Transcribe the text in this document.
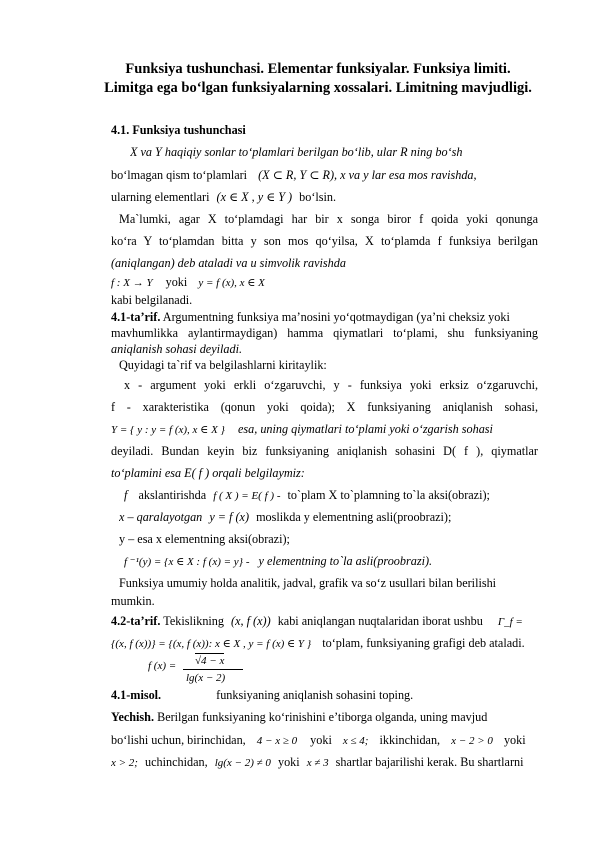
Funksiya tushunchasi. Elementar funksiyalar. Funksiya limiti. Limitga ega bo‘lgan funksiyalarning xossalari. Limitning mavjudligi.
4.1. Funksiya tushunchasi
X va Y haqiqiy sonlar to‘plamlari berilgan bo‘lib, ular R ning bo‘sh
bo‘lmagan qism to‘plamlari (X ⊂ R, Y ⊂ R), x va y lar esa mos ravishda,
ularning elementlari (x ∈ X , y ∈ Y ) bo‘lsin.
Ma`lumki, agar X to‘plamdagi har bir x songa biror f qoida yoki qonunga
ko‘ra Y to‘plamdan bitta y son mos qo‘yilsa, X to‘plamda f funksiya berilgan
(aniqlangan) deb ataladi va u simvolik ravishda
f : X → Y yoki y = f (x), x ∈ X
kabi belgilanadi.
4.1-ta’rif. Argumentning funksiya ma’nosini yo‘qotmaydigan (ya’ni cheksiz yoki
mavhumlikka aylantirmaydigan) hamma qiymatlari to‘plami, shu funksiyaning
aniqlanish sohasi deyiladi.
Quyidagi ta`rif va belgilashlarni kiritaylik:
x - argument yoki erkli o‘zgaruvchi, y - funksiya yoki erksiz o‘zgaruvchi,
f - xarakteristika (qonun yoki qoida); X funksiyaning aniqlanish sohasi,
Y = { y : y = f (x), x ∈ X } esa, uning qiymatlari to‘plami yoki o‘zgarish sohasi
deyiladi. Bundan keyin biz funksiyaning aniqlanish sohasini D( f ), qiymatlar
to‘plamini esa E( f ) orqali belgilaymiz:
f akslantirishda f ( X ) = E( f ) - to`plam X to`plamning to`la aksi(obrazi);
x – qaralayotgan y = f (x) moslikda y elementning asli(proobrazi);
y – esa x elementning aksi(obrazi);
f ⁻¹(y) = {x ∈ X : f (x) = y} - y elementning to`la asli(proobrazi).
Funksiya umumiy holda analitik, jadval, grafik va so‘z usullari bilan berilishi
mumkin.
4.2-ta’rif. Tekislikning (x, f (x)) kabi aniqlangan nuqtalaridan iborat ushbu Γ_f =
{(x, f (x))} = {(x, f (x)): x ∈ X , y = f (x) ∈ Y } to‘plam, funksiyaning grafigi deb ataladi.
f (x) = √4 − x
lg(x − 2)
4.1-misol.	funksiyaning aniqlanish sohasini toping.
Yechish. Berilgan funksiyaning ko‘rinishini e’tiborga olganda, uning mavjud
bo‘lishi uchun, birinchidan, 4 − x ≥ 0 yoki x ≤ 4; ikkinchidan, x − 2 > 0 yoki
x > 2; uchinchidan, lg(x − 2) ≠ 0 yoki x ≠ 3 shartlar bajarilishi kerak. Bu shartlarni
